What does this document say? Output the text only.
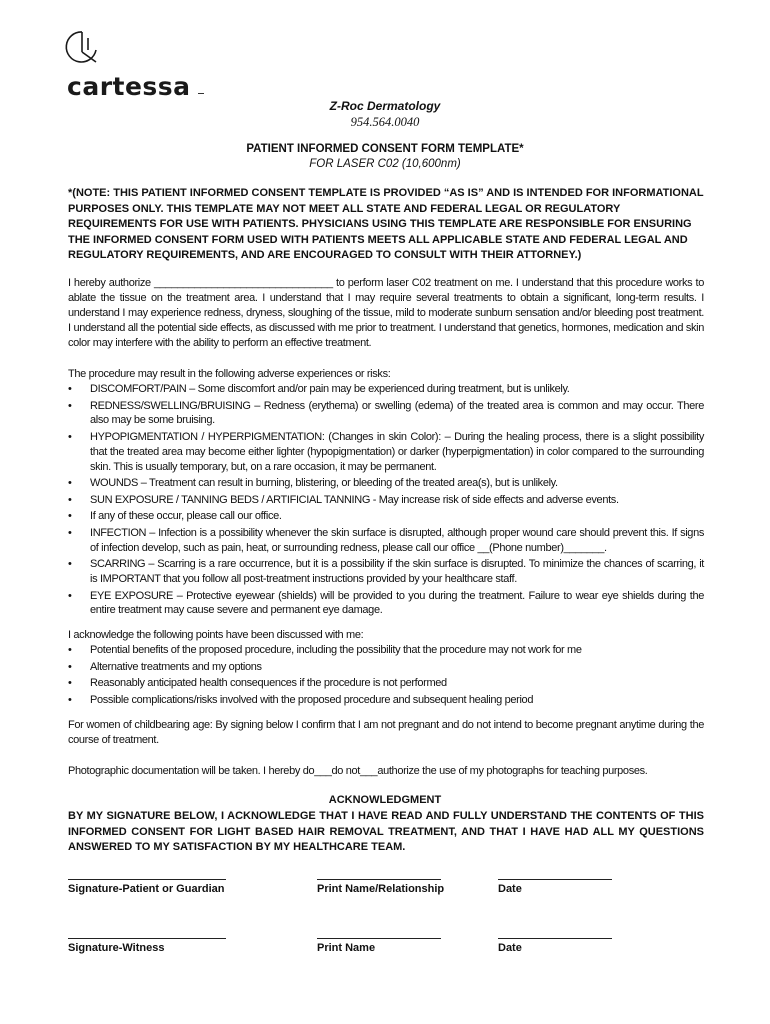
cartessa
Z-Roc Dermatology
954.564.0040
PATIENT INFORMED CONSENT FORM TEMPLATE*
FOR LASER C02 (10,600nm)
*(NOTE: THIS PATIENT INFORMED CONSENT TEMPLATE IS PROVIDED “AS IS” AND IS INTENDED FOR INFORMATIONAL PURPOSES ONLY. THIS TEMPLATE MAY NOT MEET ALL STATE AND FEDERAL LEGAL OR REGULATORY REQUIREMENTS FOR USE WITH PATIENTS. PHYSICIANS USING THIS TEMPLATE ARE RESPONSIBLE FOR ENSURING THE INFORMED CONSENT FORM USED WITH PATIENTS MEETS ALL APPLICABLE STATE AND FEDERAL LEGAL AND REGULATORY REQUIREMENTS, AND ARE ENCOURAGED TO CONSULT WITH THEIR ATTORNEY.)
I hereby authorize _______________________________ to perform laser C02 treatment on me. I understand that this procedure works to ablate the tissue on the treatment area. I understand that I may require several treatments to obtain a significant, long-term results. I understand I may experience redness, dryness, sloughing of the tissue, mild to moderate sunburn sensation and/or bleeding post treatment. I understand all the potential side effects, as discussed with me prior to treatment. I understand that genetics, hormones, medication and skin color may interfere with the ability to perform an effective treatment.
The procedure may result in the following adverse experiences or risks:
• DISCOMFORT/PAIN – Some discomfort and/or pain may be experienced during treatment, but is unlikely.
• REDNESS/SWELLING/BRUISING – Redness (erythema) or swelling (edema) of the treated area is common and may occur. There also may be some bruising.
• HYPOPIGMENTATION / HYPERPIGMENTATION: (Changes in skin Color): – During the healing process, there is a slight possibility that the treated area may become either lighter (hypopigmentation) or darker (hyperpigmentation) in color compared to the surrounding skin. This is usually temporary, but, on a rare occasion, it may be permanent.
• WOUNDS – Treatment can result in burning, blistering, or bleeding of the treated area(s), but is unlikely.
• SUN EXPOSURE / TANNING BEDS / ARTIFICIAL TANNING - May increase risk of side effects and adverse events.
• If any of these occur, please call our office.
• INFECTION – Infection is a possibility whenever the skin surface is disrupted, although proper wound care should prevent this. If signs of infection develop, such as pain, heat, or surrounding redness, please call our office __(Phone number)_______.
• SCARRING – Scarring is a rare occurrence, but it is a possibility if the skin surface is disrupted. To minimize the chances of scarring, it is IMPORTANT that you follow all post-treatment instructions provided by your healthcare staff.
• EYE EXPOSURE – Protective eyewear (shields) will be provided to you during the treatment. Failure to wear eye shields during the entire treatment may cause severe and permanent eye damage.
I acknowledge the following points have been discussed with me:
• Potential benefits of the proposed procedure, including the possibility that the procedure may not work for me
• Alternative treatments and my options
• Reasonably anticipated health consequences if the procedure is not performed
• Possible complications/risks involved with the proposed procedure and subsequent healing period
For women of childbearing age: By signing below I confirm that I am not pregnant and do not intend to become pregnant anytime during the course of treatment.
Photographic documentation will be taken. I hereby do___do not___authorize the use of my photographs for teaching purposes.
ACKNOWLEDGMENT
BY MY SIGNATURE BELOW, I ACKNOWLEDGE THAT I HAVE READ AND FULLY UNDERSTAND THE CONTENTS OF THIS INFORMED CONSENT FOR LIGHT BASED HAIR REMOVAL TREATMENT, AND THAT I HAVE HAD ALL MY QUESTIONS ANSWERED TO MY SATISFACTION BY MY HEALTHCARE TEAM.
Signature-Patient or Guardian	Print Name/Relationship	Date
Signature-Witness	Print Name	Date
